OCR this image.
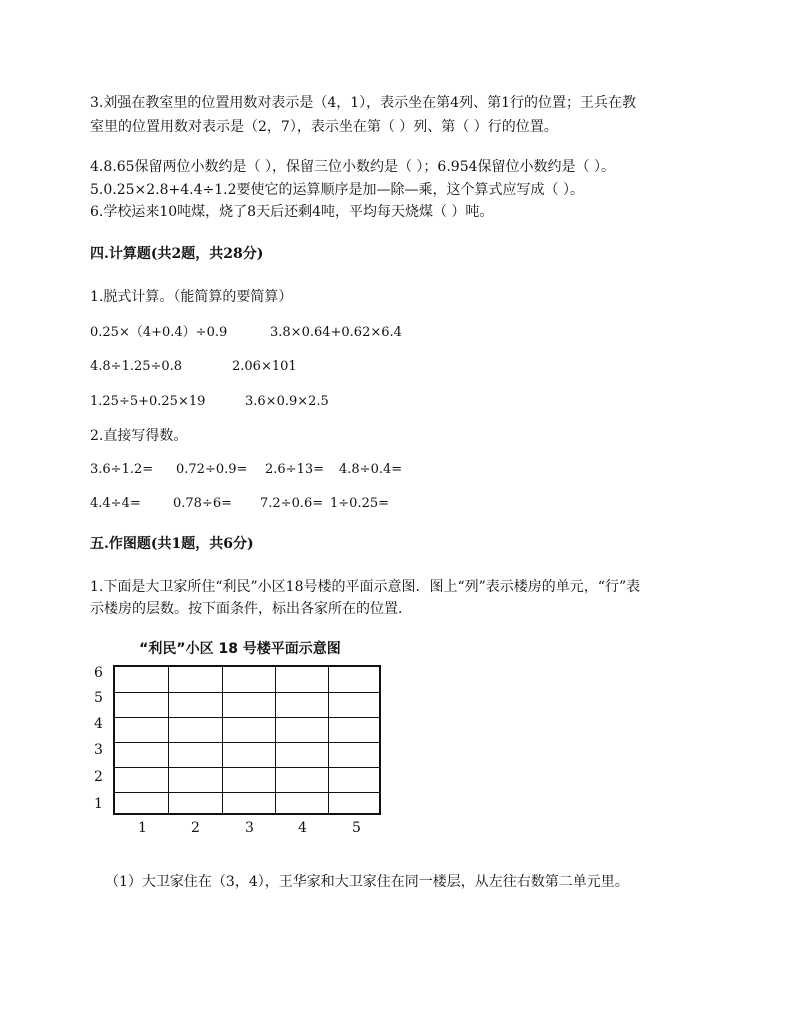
3.刘强在教室里的位置用数对表示是（4，1），表示坐在第4列、第1行的位置；王兵在教
室里的位置用数对表示是（2，7），表示坐在第（ ）列、第（ ）行的位置。
4.8.65保留两位小数约是（ ），保留三位小数约是（ ）；6.954保留位小数约是（ ）。
5.0.25×2.8+4.4÷1.2要使它的运算顺序是加—除—乘，这个算式应写成（ ）。
6.学校运来10吨煤，烧了8天后还剩4吨，平均每天烧煤（ ）吨。
四.计算题(共2题，共28分)
1.脱式计算。（能简算的要简算）
0.25×（4+0.4）÷0.9	3.8×0.64+0.62×6.4
4.8÷1.25÷0.8	2.06×101
1.25÷5+0.25×19	3.6×0.9×2.5
2.直接写得数。
3.6÷1.2= 0.72÷0.9= 2.6÷13= 4.8÷0.4=
4.4÷4= 0.78÷6= 7.2÷0.6= 1÷0.25=
五.作图题(共1题，共6分)
1.下面是大卫家所住“利民”小区18号楼的平面示意图．图上“列”表示楼房的单元，“行”表
示楼房的层数。按下面条件，标出各家所在的位置．
“利民”小区 18 号楼平面示意图
6
5
4
3
2
1
1	2	3	4	5
（1）大卫家住在（3，4），王华家和大卫家住在同一楼层，从左往右数第二单元里。
